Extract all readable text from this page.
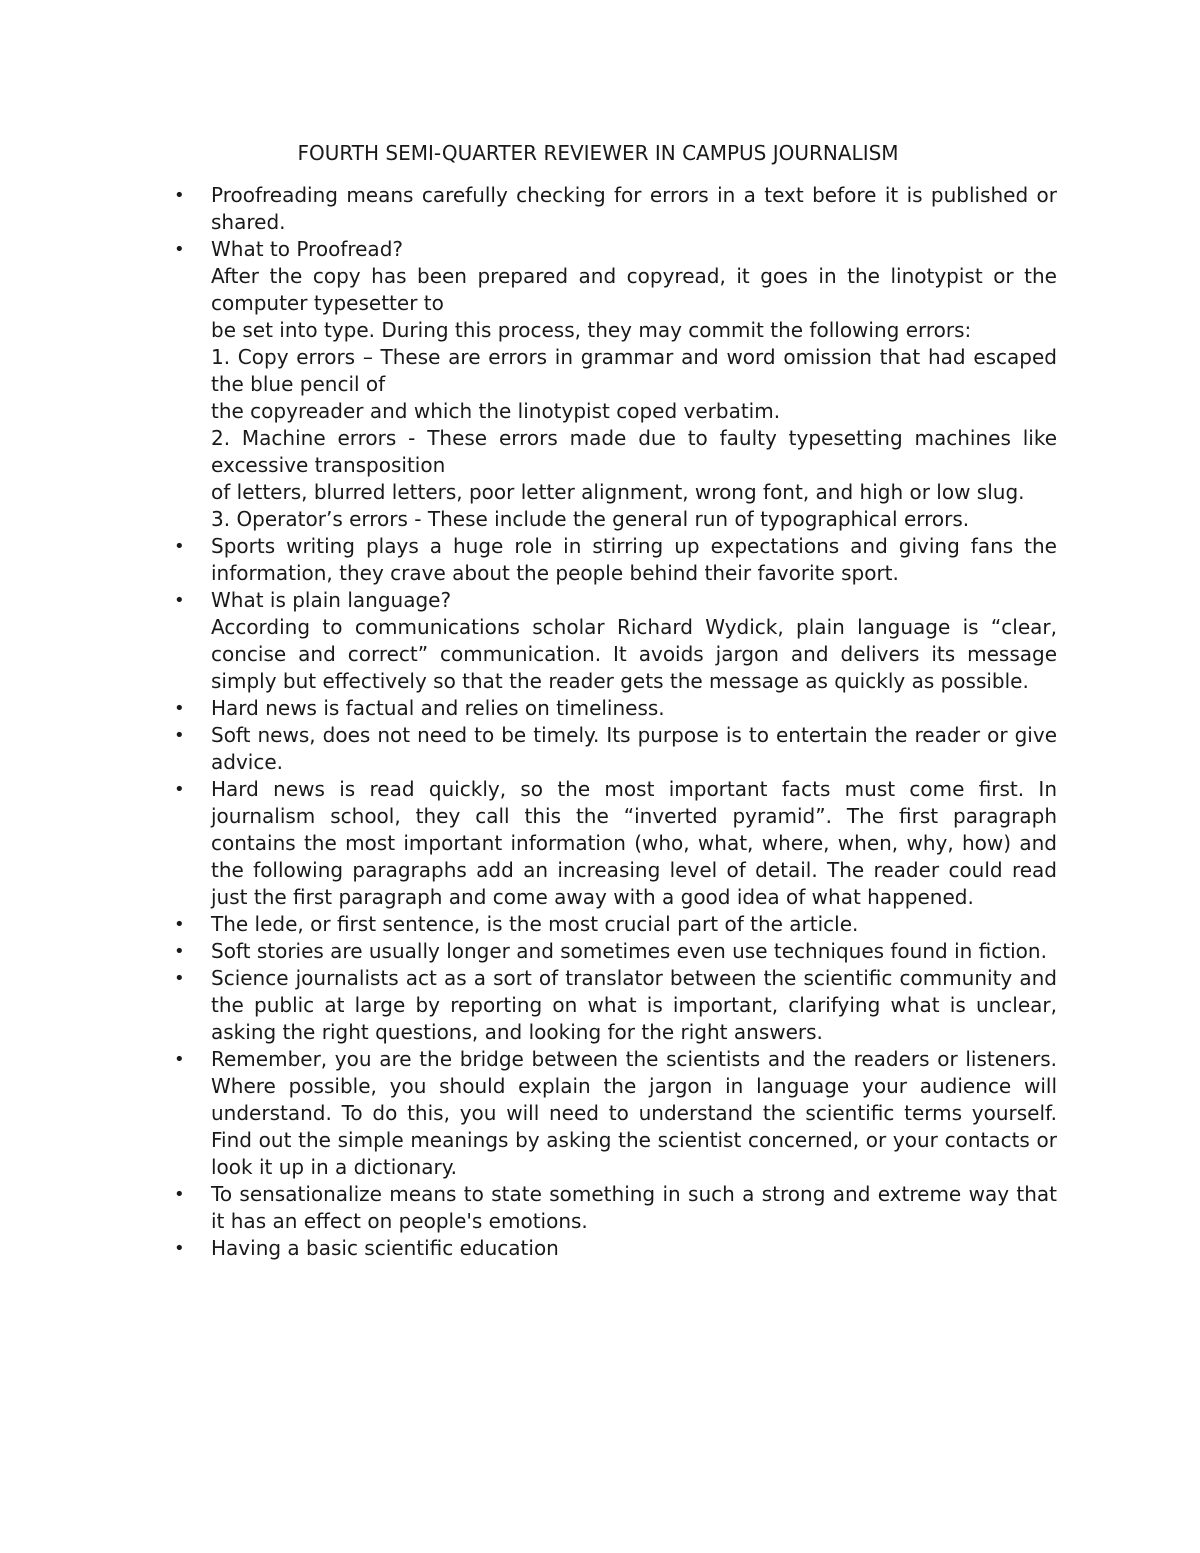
FOURTH SEMI-QUARTER REVIEWER IN CAMPUS JOURNALISM
• Proofreading means carefully checking for errors in a text before it is published or shared.
• What to Proofread?
After the copy has been prepared and copyread, it goes in the linotypist or the computer typesetter to
be set into type. During this process, they may commit the following errors:
1. Copy errors – These are errors in grammar and word omission that had escaped the blue pencil of
the copyreader and which the linotypist coped verbatim.
2. Machine errors - These errors made due to faulty typesetting machines like excessive transposition
of letters, blurred letters, poor letter alignment, wrong font, and high or low slug.
3. Operator’s errors - These include the general run of typographical errors.
• Sports writing plays a huge role in stirring up expectations and giving fans the information, they crave about the people behind their favorite sport.
• What is plain language?
According to communications scholar Richard Wydick, plain language is “clear, concise and correct” communication. It avoids jargon and delivers its message simply but effectively so that the reader gets the message as quickly as possible.
• Hard news is factual and relies on timeliness.
• Soft news, does not need to be timely. Its purpose is to entertain the reader or give advice.
• Hard news is read quickly, so the most important facts must come first. In journalism school, they call this the “inverted pyramid”. The first paragraph contains the most important information (who, what, where, when, why, how) and the following paragraphs add an increasing level of detail. The reader could read just the first paragraph and come away with a good idea of what happened.
• The lede, or first sentence, is the most crucial part of the article.
• Soft stories are usually longer and sometimes even use techniques found in fiction.
• Science journalists act as a sort of translator between the scientific community and the public at large by reporting on what is important, clarifying what is unclear, asking the right questions, and looking for the right answers.
• Remember, you are the bridge between the scientists and the readers or listeners. Where possible, you should explain the jargon in language your audience will understand. To do this, you will need to understand the scientific terms yourself. Find out the simple meanings by asking the scientist concerned, or your contacts or look it up in a dictionary.
• To sensationalize means to state something in such a strong and extreme way that it has an effect on people's emotions.
• Having a basic scientific education
